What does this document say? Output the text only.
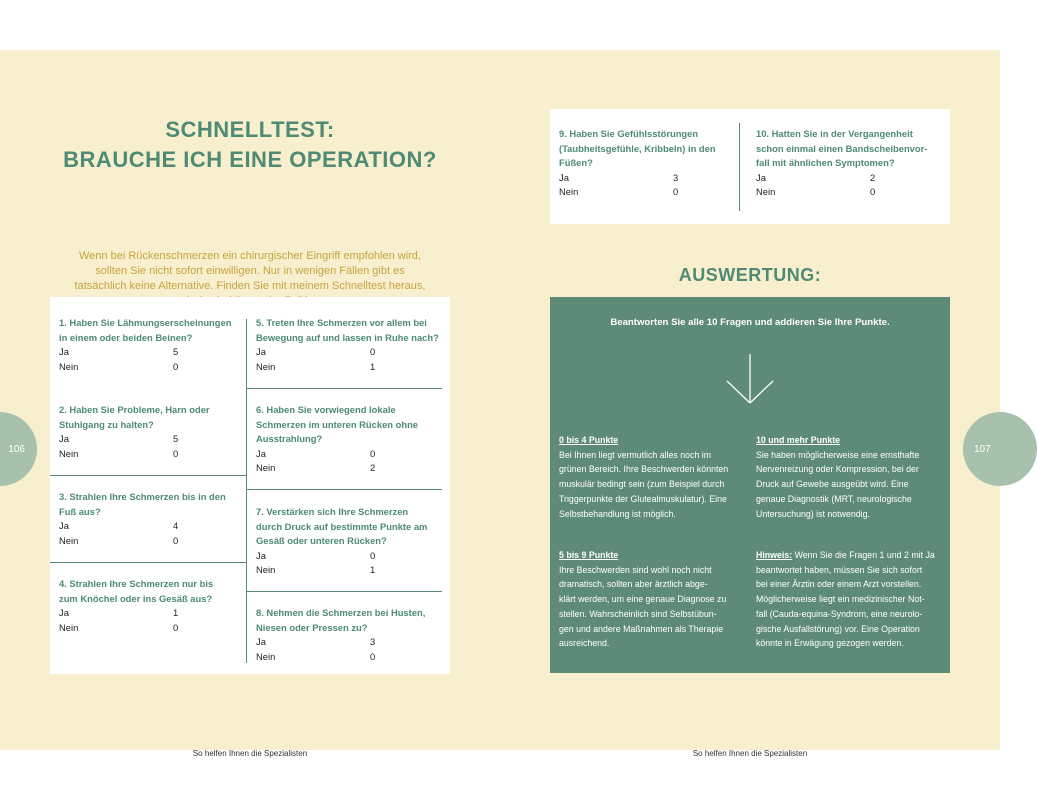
106	107
SCHNELLTEST:
BRAUCHE ICH EINE OPERATION?
Wenn bei Rückenschmerzen ein chirurgischer Eingriff empfohlen wird,
sollten Sie nicht sofort einwilligen. Nur in wenigen Fällen gibt es
tatsächlich keine Alternative. Finden Sie mit meinem Schnelltest heraus,
1. Haben Sie Lähmungserscheinungen
in einem oder beiden Beinen?
Ja	5
Nein	0
2. Haben Sie Probleme, Harn oder
Stuhlgang zu halten?
Ja	5
Nein	0
3. Strahlen Ihre Schmerzen bis in den
Fuß aus?
Ja	4
Nein	0
4. Strahlen Ihre Schmerzen nur bis
zum Knöchel oder ins Gesäß aus?
Ja	1
Nein	0
5. Treten Ihre Schmerzen vor allem bei
Bewegung auf und lassen in Ruhe nach?
Ja	0
Nein	1
6. Haben Sie vorwiegend lokale
Schmerzen im unteren Rücken ohne
Ausstrahlung?
Ja	0
Nein	2
7. Verstärken sich Ihre Schmerzen
durch Druck auf bestimmte Punkte am
Gesäß oder unteren Rücken?
Ja	0
Nein	1
8. Nehmen die Schmerzen bei Husten,
Niesen oder Pressen zu?
Ja	3
Nein	0
9. Haben Sie Gefühlsstörungen
(Taubheitsgefühle, Kribbeln) in den
Füßen?
Ja	3
Nein	0
10. Hatten Sie in der Vergangenheit
schon einmal einen Bandscheibenvor-
fall mit ähnlichen Symptomen?
Ja	2
Nein	0
AUSWERTUNG:
Beantworten Sie alle 10 Fragen und addieren Sie Ihre Punkte.
0 bis 4 Punkte
Bei Ihnen liegt vermutlich alles noch im
grünen Bereich. Ihre Beschwerden könnten
muskulär bedingt sein (zum Beispiel durch
Triggerpunkte der Glutealmuskulatur). Eine
Selbstbehandlung ist möglich.
10 und mehr Punkte
Sie haben möglicherweise eine ernsthafte
Nervenreizung oder Kompression, bei der
Druck auf Gewebe ausgeübt wird. Eine
genaue Diagnostik (MRT, neurologische
Untersuchung) ist notwendig.
5 bis 9 Punkte
Ihre Beschwerden sind wohl noch nicht
dramatisch, sollten aber ärztlich abge-
klärt werden, um eine genaue Diagnose zu
stellen. Wahrscheinlich sind Selbstübun-
gen und andere Maßnahmen als Therapie
ausreichend.
Hinweis: Wenn Sie die Fragen 1 und 2 mit Ja
beantwortet haben, müssen Sie sich sofort
bei einer Ärztin oder einem Arzt vorstellen.
Möglicherweise liegt ein medizinischer Not-
fall (Cauda-equina-Syndrom, eine neurolo-
gische Ausfallstörung) vor. Eine Operation
könnte in Erwägung gezogen werden.
So helfen Ihnen die Spezialisten	So helfen Ihnen die Spezialisten
